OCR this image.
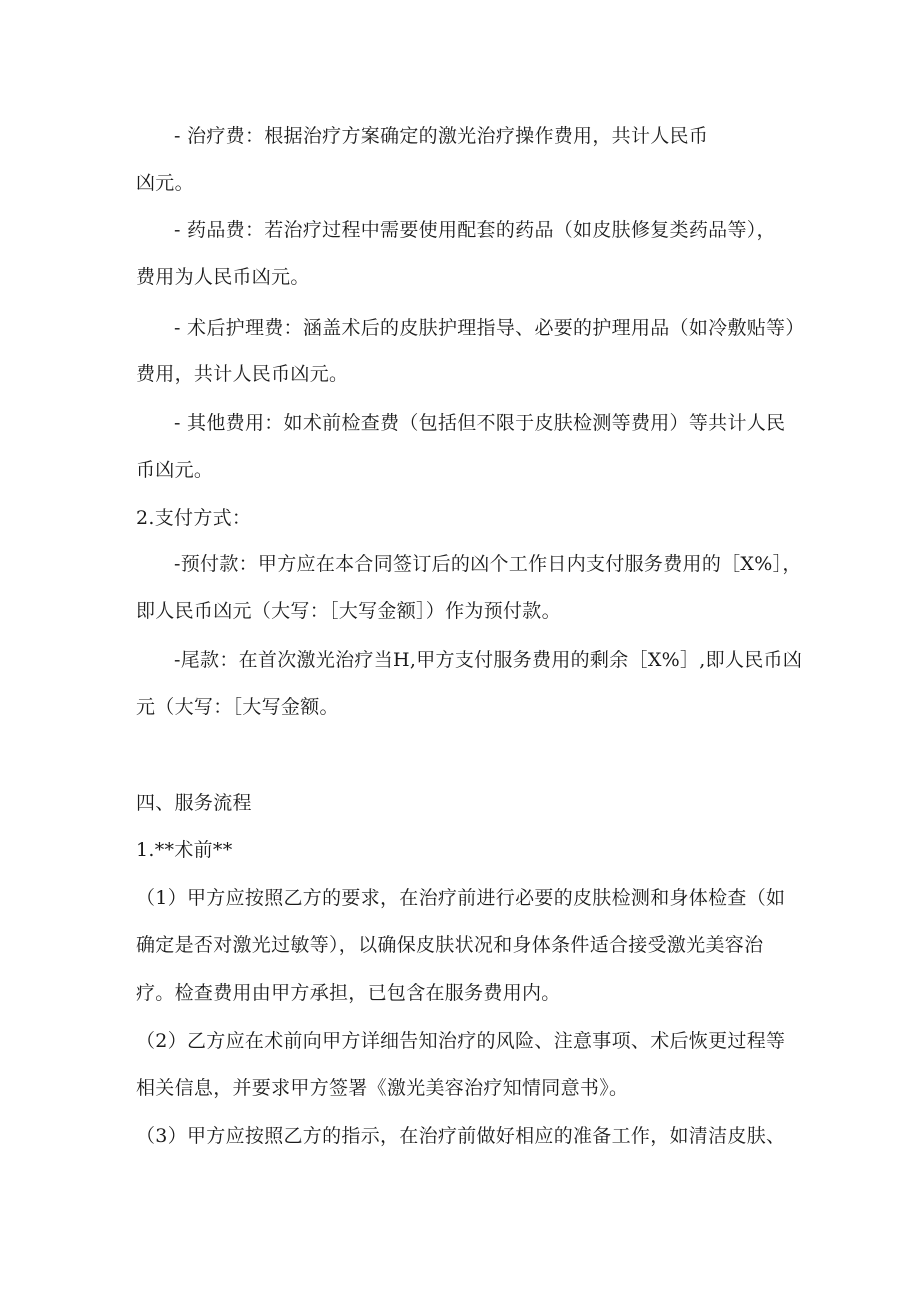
- 治疗费：根据治疗方案确定的激光治疗操作费用，共计人民币
凶元。
- 药品费：若治疗过程中需要使用配套的药品（如皮肤修复类药品等），
费用为人民币凶元。
- 术后护理费：涵盖术后的皮肤护理指导、必要的护理用品（如冷敷贴等）
费用，共计人民币凶元。
- 其他费用：如术前检查费（包括但不限于皮肤检测等费用）等共计人民
币凶元。
2.支付方式：
-预付款：甲方应在本合同签订后的凶个工作日内支付服务费用的［X%］，
即人民币凶元（大写：［大写金额］）作为预付款。
-尾款：在首次激光治疗当H,甲方支付服务费用的剩余［X%］,即人民币凶
元（大写：［大写金额。
四、服务流程
1.**术前**
（1）甲方应按照乙方的要求，在治疗前进行必要的皮肤检测和身体检查（如
确定是否对激光过敏等），以确保皮肤状况和身体条件适合接受激光美容治
疗。检查费用由甲方承担，已包含在服务费用内。
（2）乙方应在术前向甲方详细告知治疗的风险、注意事项、术后恢更过程等
相关信息，并要求甲方签署《激光美容治疗知情同意书》。
（3）甲方应按照乙方的指示，在治疗前做好相应的准备工作，如清洁皮肤、
